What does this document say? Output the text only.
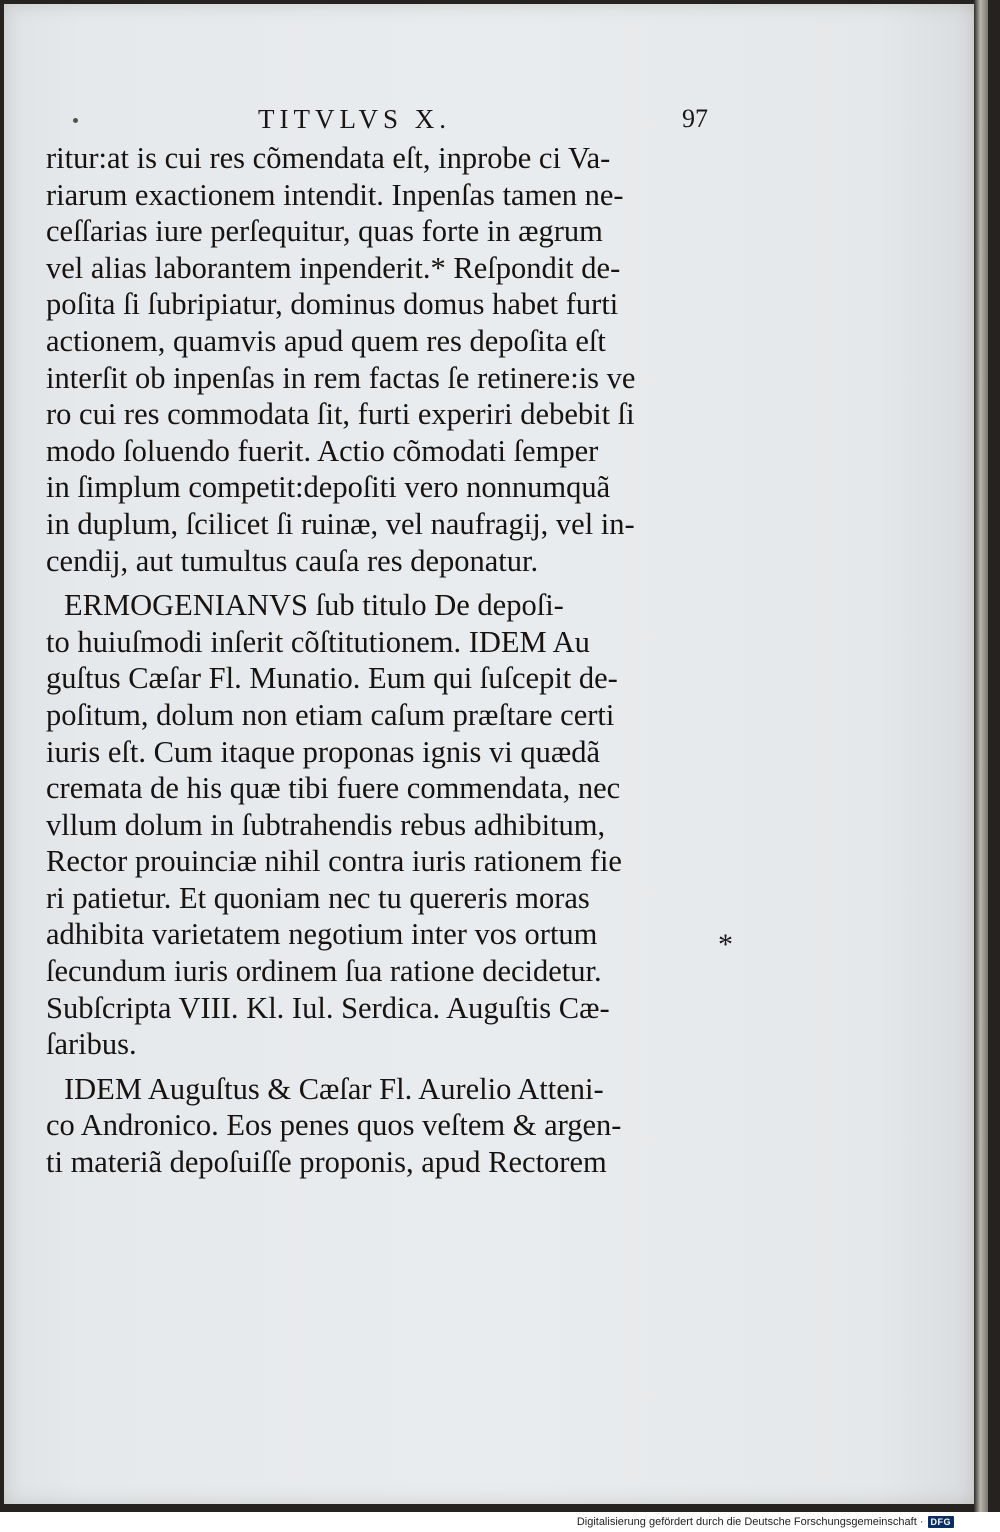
TITVLVS X.	97
ritur:at is cui res cõmendata eſt, inprobe ci Va-
riarum exactionem intendit. Inpenſas tamen ne-
ceſſarias iure perſequitur, quas forte in ægrum
vel alias laborantem inpenderit.* Reſpondit de-
poſita ſi ſubripiatur, dominus domus habet furti
actionem, quamvis apud quem res depoſita eſt
interſit ob inpenſas in rem factas ſe retinere:is ve
ro cui res commodata ſit, furti experiri debebit ſi
modo ſoluendo fuerit. Actio cõmodati ſemper
in ſimplum competit:depoſiti vero nonnumquã
in duplum, ſcilicet ſi ruinæ, vel naufragij, vel in-
cendij, aut tumultus cauſa res deponatur.
ERMOGENIANVS ſub titulo De depoſi-
to huiuſmodi inſerit cõſtitutionem. IDEM Au
guſtus Cæſar Fl. Munatio. Eum qui ſuſcepit de-
poſitum, dolum non etiam caſum præſtare certi
iuris eſt. Cum itaque proponas ignis vi quædã
cremata de his quæ tibi fuere commendata, nec
vllum dolum in ſubtrahendis rebus adhibitum,
Rector prouinciæ nihil contra iuris rationem fie
ri patietur. Et quoniam nec tu quereris moras
adhibita varietatem negotium inter vos ortum
ſecundum iuris ordinem ſua ratione decidetur.
Subſcripta VIII. Kl. Iul. Serdica. Auguſtis Cæ-
ſaribus.
IDEM Auguſtus & Cæſar Fl. Aurelio Atteni-
co Andronico. Eos penes quos veſtem & argen-
ti materiã depoſuiſſe proponis, apud Rectorem
*
Digitalisierung gefördert durch die Deutsche Forschungsgemeinschaft · DFG
